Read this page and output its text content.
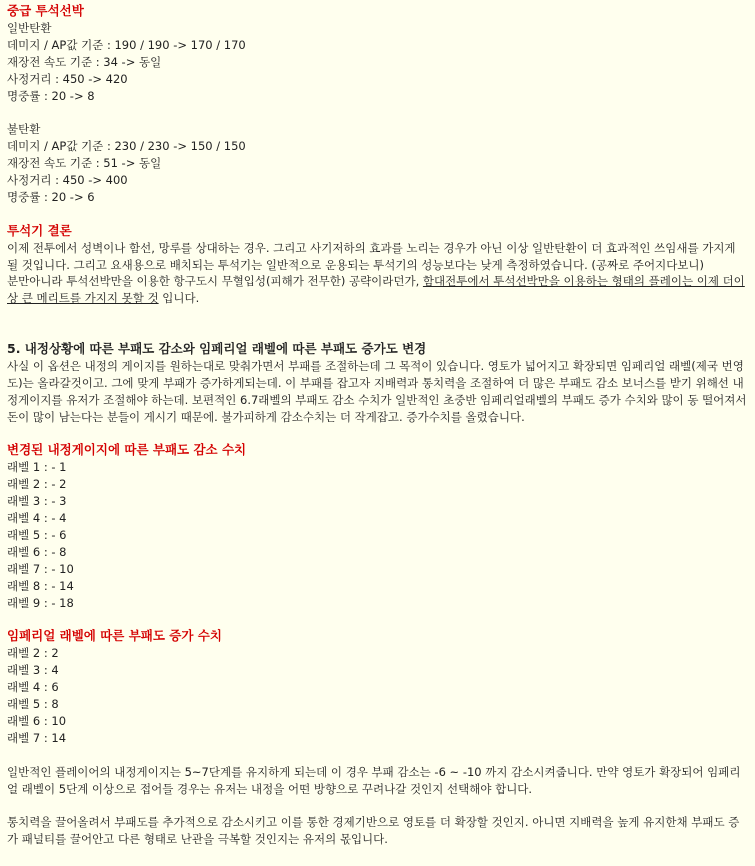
중급 투석선박
일반탄환
데미지 / AP값 기준 : 190 / 190 -> 170 / 170
재장전 속도 기준 : 34 -> 동일
사정거리 : 450 -> 420
명중률 : 20 -> 8
불탄환
데미지 / AP값 기준 : 230 / 230 -> 150 / 150
재장전 속도 기준 : 51 -> 동일
사정거리 : 450 -> 400
명중률 : 20 -> 6
투석기 결론

이제 전투에서 성벽이나 함선, 망루를 상대하는 경우. 그리고 사기저하의 효과를 노리는 경우가 아닌 이상 일반탄환이 더 효과적인 쓰임새를 가지게 될 것입니다. 그리고 요새용으로 배치되는 투석기는 일반적으로 운용되는 투석기의 성능보다는 낮게 측정하였습니다. (공짜로 주어지다보니)

분만아니라 투석선박만을 이용한 항구도시 무혈입성(피해가 전무한) 공략이라던가, 함대전투에서 투석선박만을 이용하는 형태의 플레이는 이제 더이상 큰 메리트를 가지지 못할 것 입니다.

5. 내정상황에 따른 부패도 감소와 임페리얼 래벨에 따른 부패도 증가도 변경

사실 이 옵션은 내정의 게이지를 원하는대로 맞춰가면서 부패를 조절하는데 그 목적이 있습니다. 영토가 넓어지고 확장되면 임페리얼 래벨(제국 번영도)는 올라갈것이고. 그에 맞게 부패가 증가하게되는데. 이 부패를 잡고자 지배력과 통치력을 조절하여 더 많은 부패도 감소 보너스를 받기 위해선 내정게이지를 유저가 조절해야 하는데. 보편적인 6.7래벨의 부패도 감소 수치가 일반적인 초중반 임페리얼래벨의 부패도 증가 수치와 많이 동 떨어져서 돈이 많이 남는다는 분들이 게시기 때문에. 불가피하게 감소수치는 더 작게잡고. 증가수치를 올렸습니다.

변경된 내정게이지에 따른 부패도 감소 수치
래벨 1 : - 1
래벨 2 : - 2
래벨 3 : - 3
래벨 4 : - 4
래벨 5 : - 6
래벨 6 : - 8
래벨 7 : - 10
래벨 8 : - 14
래벨 9 : - 18
임페리얼 래벨에 따른 부패도 증가 수치
래벨 2 : 2
래벨 3 : 4
래벨 4 : 6
래벨 5 : 8
래벨 6 : 10
래벨 7 : 14

일반적인 플레이어의 내정게이지는 5~7단계를 유지하게 되는데 이 경우 부패 감소는 -6 ~ -10 까지 감소시켜줍니다. 만약 영토가 확장되어 임페리얼 래벨이 5단계 이상으로 접어들 경우는 유저는 내정을 어떤 방향으로 꾸려나갈 것인지 선택해야 합니다.

통치력을 끌어올려서 부패도를 추가적으로 감소시키고 이를 통한 경제기반으로 영토를 더 확장할 것인지. 아니면 지배력을 높게 유지한채 부패도 증가 패널티를 끌어안고 다른 형태로 난관을 극복할 것인지는 유저의 몫입니다.
